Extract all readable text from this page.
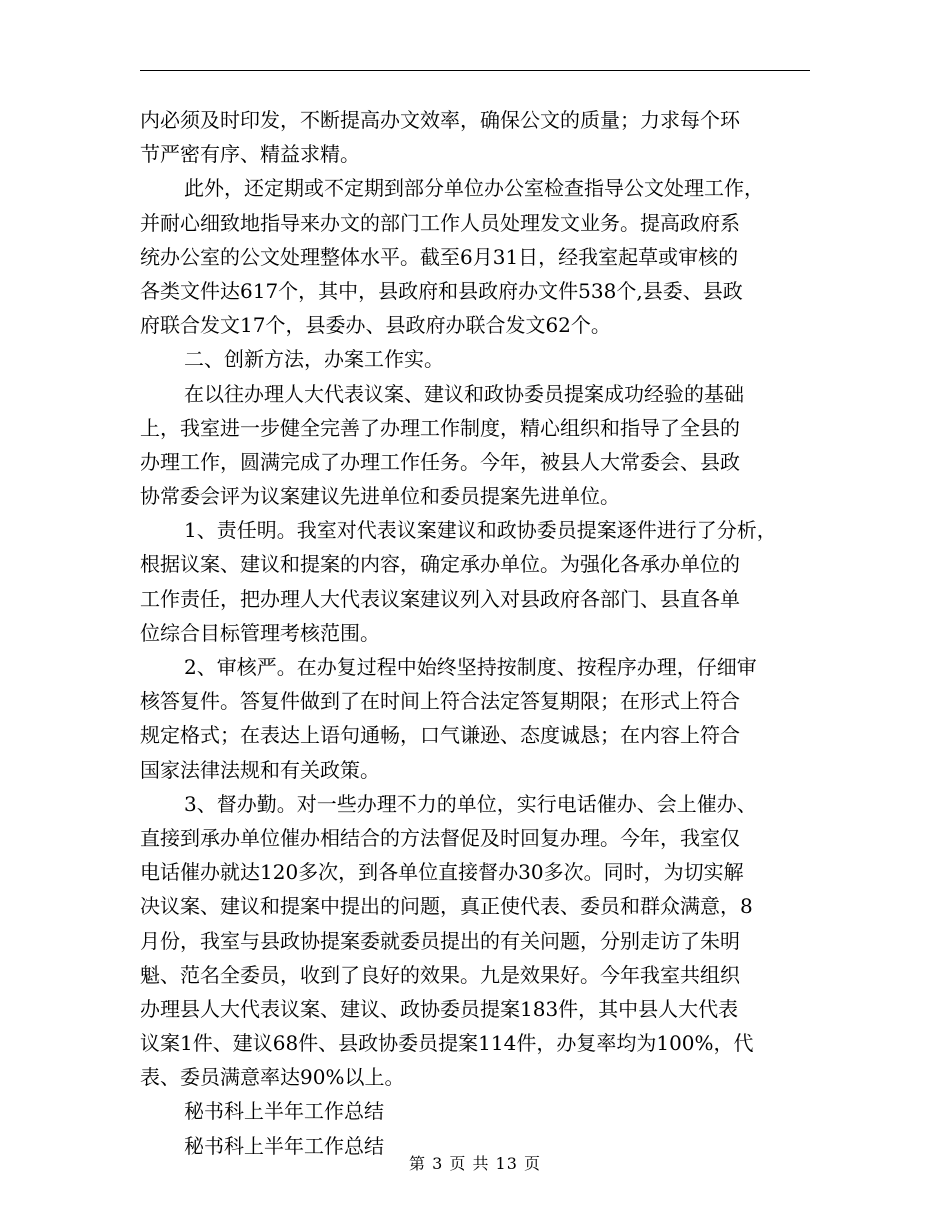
内必须及时印发，不断提高办文效率，确保公文的质量；力求每个环
节严密有序、精益求精。
此外，还定期或不定期到部分单位办公室检查指导公文处理工作，
并耐心细致地指导来办文的部门工作人员处理发文业务。提高政府系
统办公室的公文处理整体水平。截至6月31日，经我室起草或审核的
各类文件达617个，其中，县政府和县政府办文件538个,县委、县政
府联合发文17个，县委办、县政府办联合发文62个。
二、创新方法，办案工作实。
在以往办理人大代表议案、建议和政协委员提案成功经验的基础
上，我室进一步健全完善了办理工作制度，精心组织和指导了全县的
办理工作，圆满完成了办理工作任务。今年，被县人大常委会、县政
协常委会评为议案建议先进单位和委员提案先进单位。
1、责任明。我室对代表议案建议和政协委员提案逐件进行了分析，
根据议案、建议和提案的内容，确定承办单位。为强化各承办单位的
工作责任，把办理人大代表议案建议列入对县政府各部门、县直各单
位综合目标管理考核范围。
2、审核严。在办复过程中始终坚持按制度、按程序办理，仔细审
核答复件。答复件做到了在时间上符合法定答复期限；在形式上符合
规定格式；在表达上语句通畅，口气谦逊、态度诚恳；在内容上符合
国家法律法规和有关政策。
3、督办勤。对一些办理不力的单位，实行电话催办、会上催办、
直接到承办单位催办相结合的方法督促及时回复办理。今年，我室仅
电话催办就达120多次，到各单位直接督办30多次。同时，为切实解
决议案、建议和提案中提出的问题，真正使代表、委员和群众满意，8
月份，我室与县政协提案委就委员提出的有关问题，分别走访了朱明
魁、范名全委员，收到了良好的效果。九是效果好。今年我室共组织
办理县人大代表议案、建议、政协委员提案183件，其中县人大代表
议案1件、建议68件、县政协委员提案114件，办复率均为100%，代
表、委员满意率达90%以上。
秘书科上半年工作总结
秘书科上半年工作总结
第 3 页 共 13 页
